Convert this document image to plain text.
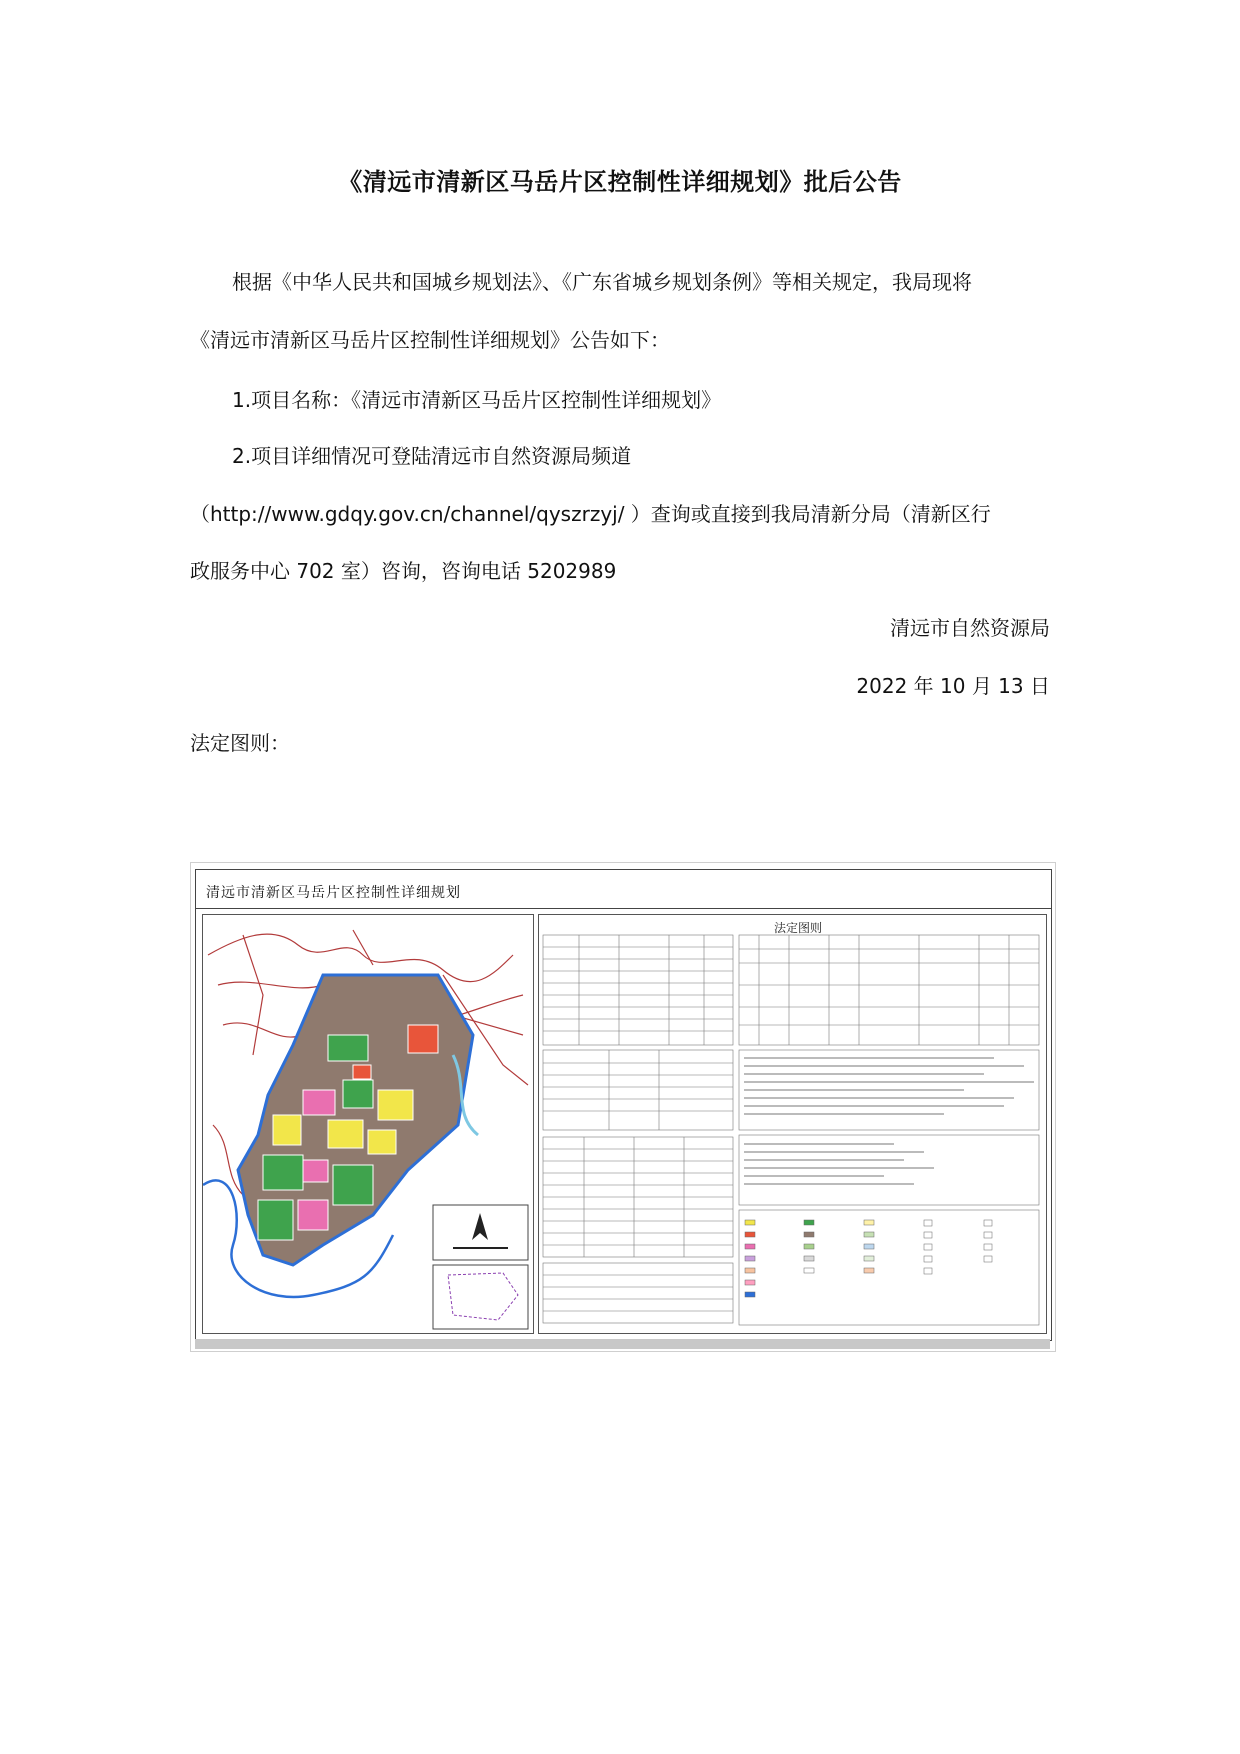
《清远市清新区马岳片区控制性详细规划》批后公告
根据《中华人民共和国城乡规划法》、《广东省城乡规划条例》等相关规定，我局现将
《清远市清新区马岳片区控制性详细规划》公告如下：
1.项目名称：《清远市清新区马岳片区控制性详细规划》
2.项目详细情况可登陆清远市自然资源局频道
（http://www.gdqy.gov.cn/channel/qyszrzyj/ ）查询或直接到我局清新分局（清新区行
政服务中心 702 室）咨询，咨询电话 5202989
清远市自然资源局
2022 年 10 月 13 日
法定图则：
清远市清新区马岳片区控制性详细规划
法定图则
